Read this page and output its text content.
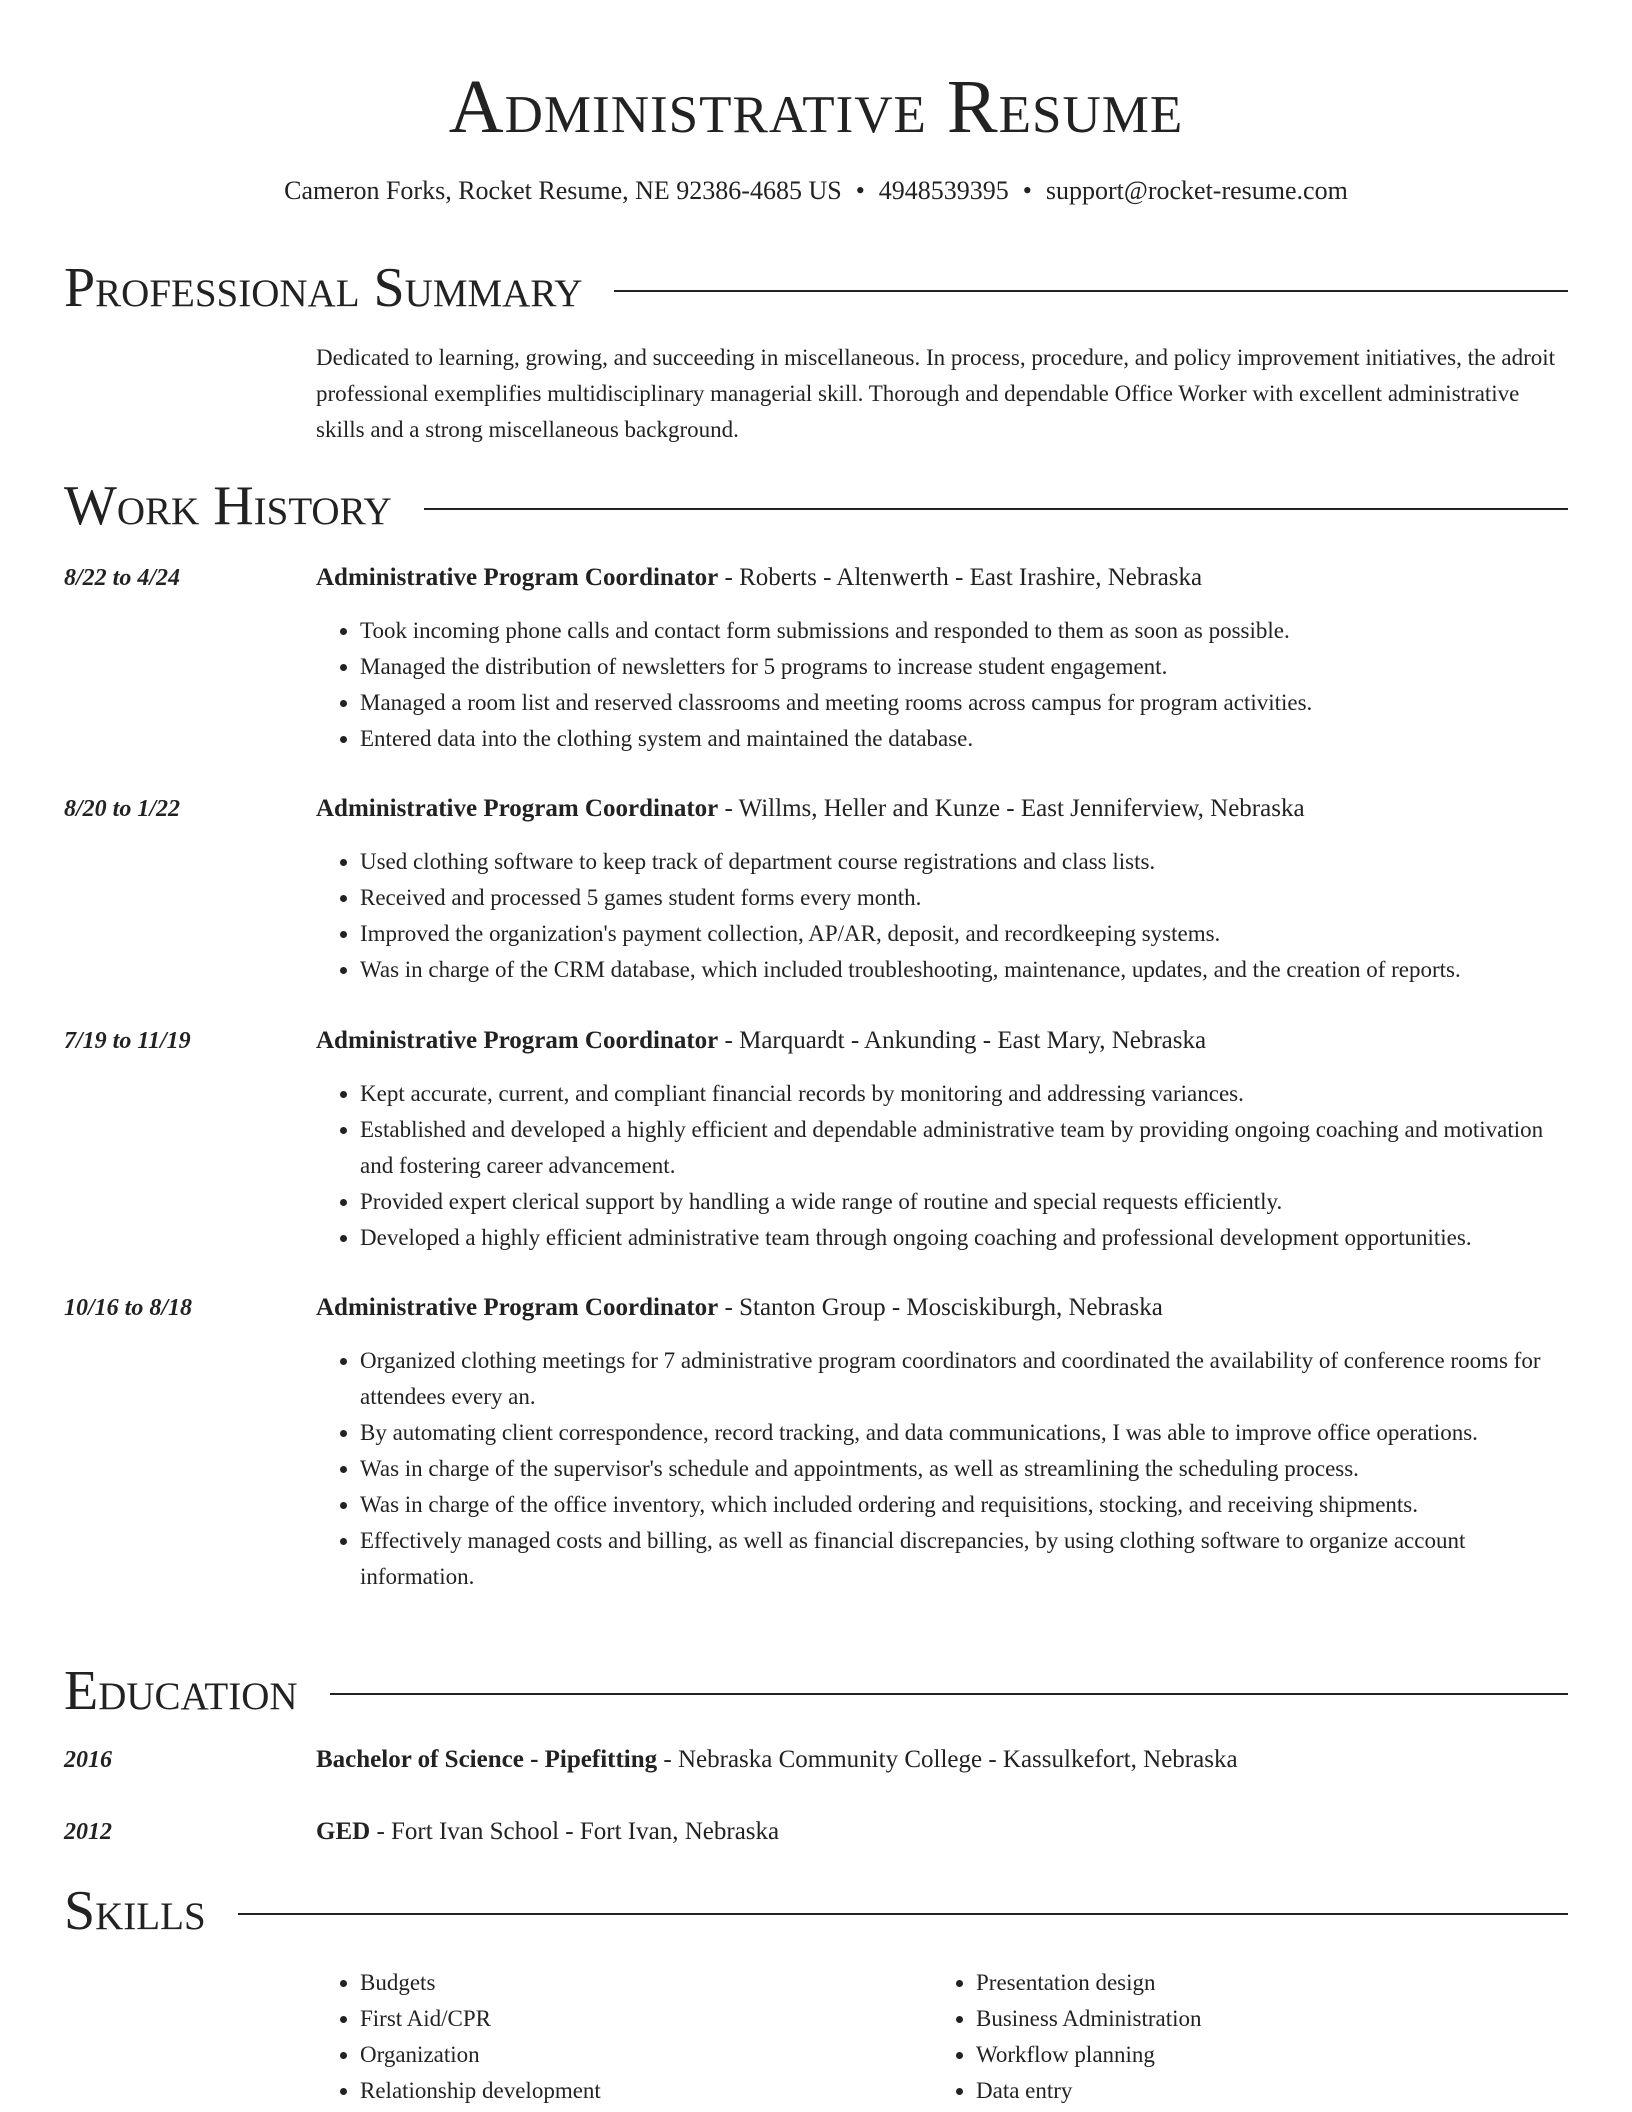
Administrative Resume
Cameron Forks, Rocket Resume, NE 92386-4685 US • 4948539395 • support@rocket-resume.com
Professional Summary
Dedicated to learning, growing, and succeeding in miscellaneous. In process, procedure, and policy improvement initiatives, the adroit professional exemplifies multidisciplinary managerial skill. Thorough and dependable Office Worker with excellent administrative skills and a strong miscellaneous background.
Work History
8/22 to 4/24	Administrative Program Coordinator - Roberts - Altenwerth - East Irashire, Nebraska
• Took incoming phone calls and contact form submissions and responded to them as soon as possible.
• Managed the distribution of newsletters for 5 programs to increase student engagement.
• Managed a room list and reserved classrooms and meeting rooms across campus for program activities.
• Entered data into the clothing system and maintained the database.
8/20 to 1/22	Administrative Program Coordinator - Willms, Heller and Kunze - East Jenniferview, Nebraska
• Used clothing software to keep track of department course registrations and class lists.
• Received and processed 5 games student forms every month.
• Improved the organization's payment collection, AP/AR, deposit, and recordkeeping systems.
• Was in charge of the CRM database, which included troubleshooting, maintenance, updates, and the creation of reports.
7/19 to 11/19	Administrative Program Coordinator - Marquardt - Ankunding - East Mary, Nebraska
• Kept accurate, current, and compliant financial records by monitoring and addressing variances.
• Established and developed a highly efficient and dependable administrative team by providing ongoing coaching and motivation and fostering career advancement.
• Provided expert clerical support by handling a wide range of routine and special requests efficiently.
• Developed a highly efficient administrative team through ongoing coaching and professional development opportunities.
10/16 to 8/18	Administrative Program Coordinator - Stanton Group - Mosciskiburgh, Nebraska
• Organized clothing meetings for 7 administrative program coordinators and coordinated the availability of conference rooms for attendees every an.
• By automating client correspondence, record tracking, and data communications, I was able to improve office operations.
• Was in charge of the supervisor's schedule and appointments, as well as streamlining the scheduling process.
• Was in charge of the office inventory, which included ordering and requisitions, stocking, and receiving shipments.
• Effectively managed costs and billing, as well as financial discrepancies, by using clothing software to organize account information.
Education
2016	Bachelor of Science - Pipefitting - Nebraska Community College - Kassulkefort, Nebraska
2012	GED - Fort Ivan School - Fort Ivan, Nebraska
Skills
• Budgets
• First Aid/CPR
• Organization
• Relationship development
• Presentation design
• Business Administration
• Workflow planning
• Data entry
